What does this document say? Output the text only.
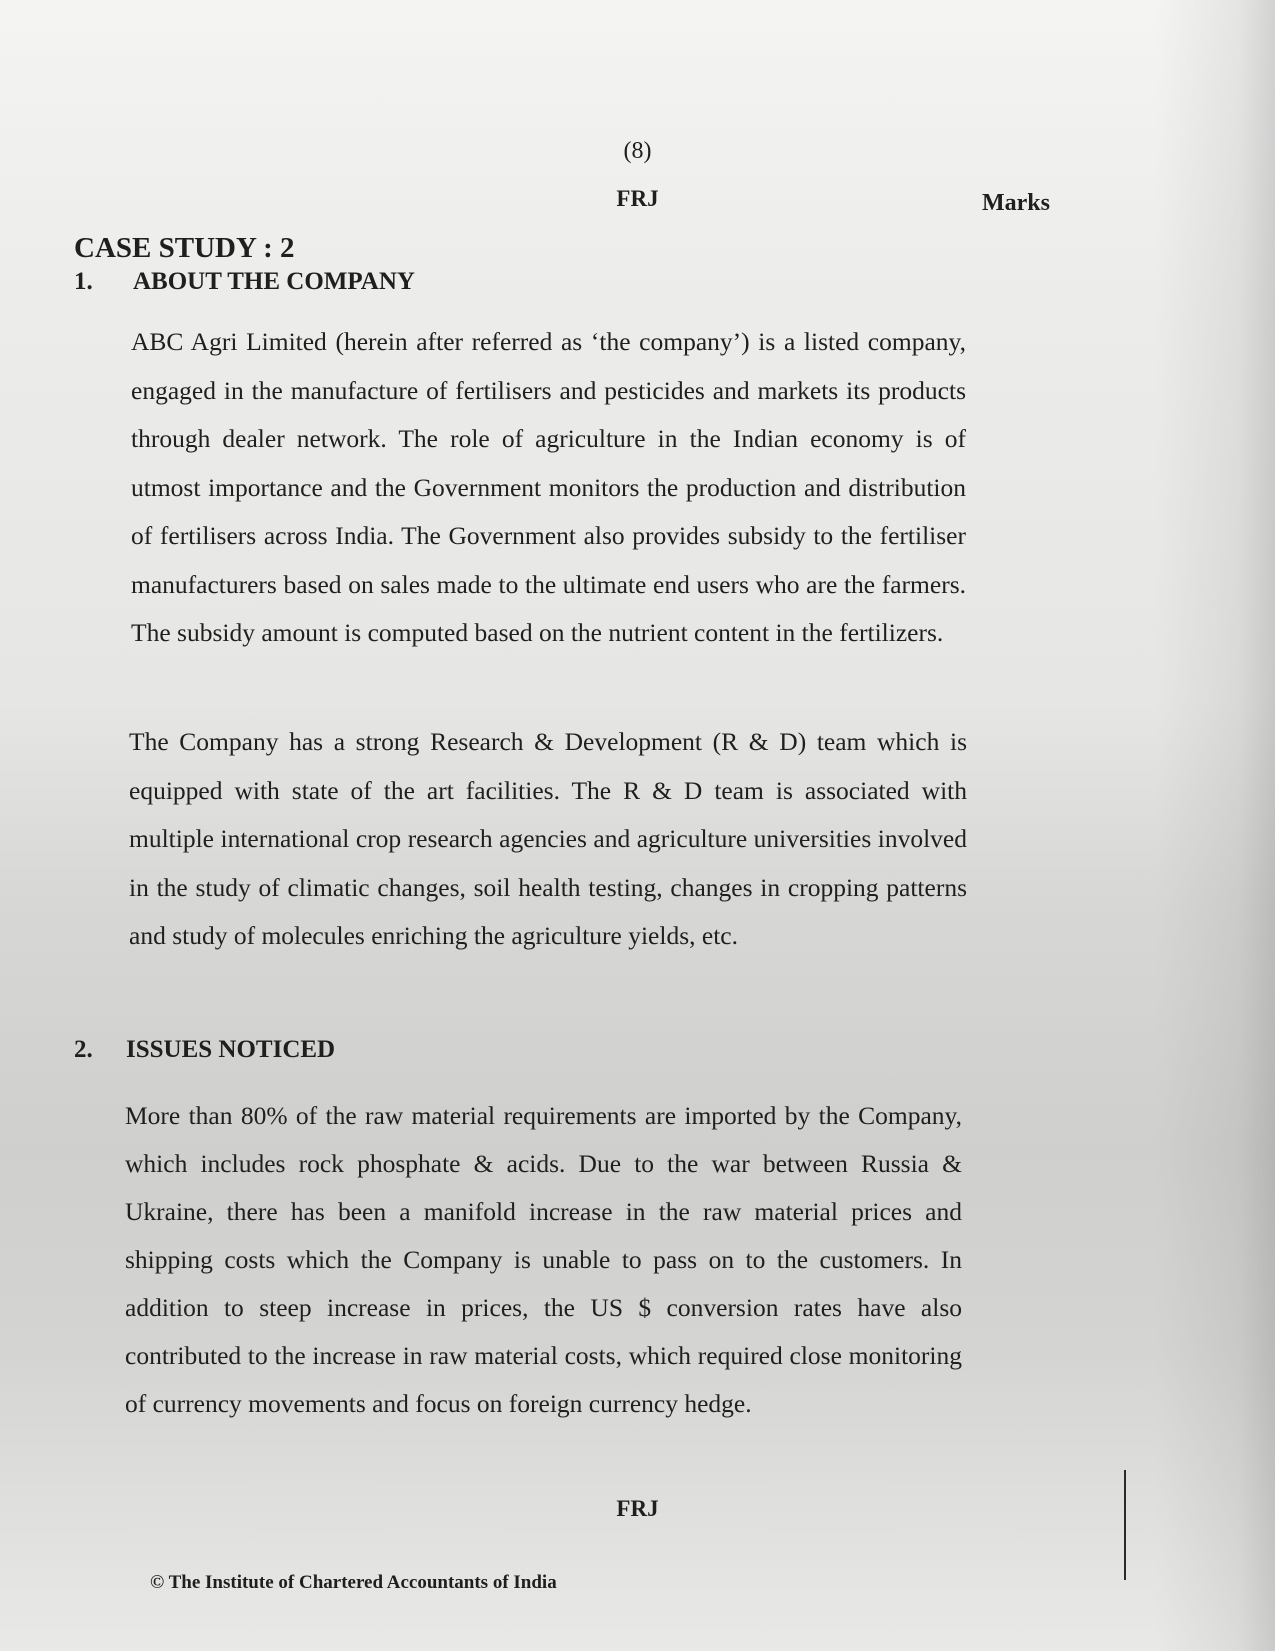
(8)
FRJ	Marks
CASE STUDY : 2
1. ABOUT THE COMPANY

ABC Agri Limited (herein after referred as ‘the company’) is a listed company, engaged in the manufacture of fertilisers and pesticides and markets its products through dealer network. The role of agriculture in the Indian economy is of utmost importance and the Government monitors the production and distribution of fertilisers across India. The Government also provides subsidy to the fertiliser manufacturers based on sales made to the ultimate end users who are the farmers. The subsidy amount is computed based on the nutrient content in the fertilizers.

The Company has a strong Research & Development (R & D) team which is equipped with state of the art facilities. The R & D team is associated with multiple international crop research agencies and agriculture universities involved in the study of climatic changes, soil health testing, changes in cropping patterns and study of molecules enriching the agriculture yields, etc.

2. ISSUES NOTICED

More than 80% of the raw material requirements are imported by the Company, which includes rock phosphate & acids. Due to the war between Russia & Ukraine, there has been a manifold increase in the raw material prices and shipping costs which the Company is unable to pass on to the customers. In addition to steep increase in prices, the US $ conversion rates have also contributed to the increase in raw material costs, which required close monitoring of currency movements and focus on foreign currency hedge.

FRJ
© The Institute of Chartered Accountants of India
